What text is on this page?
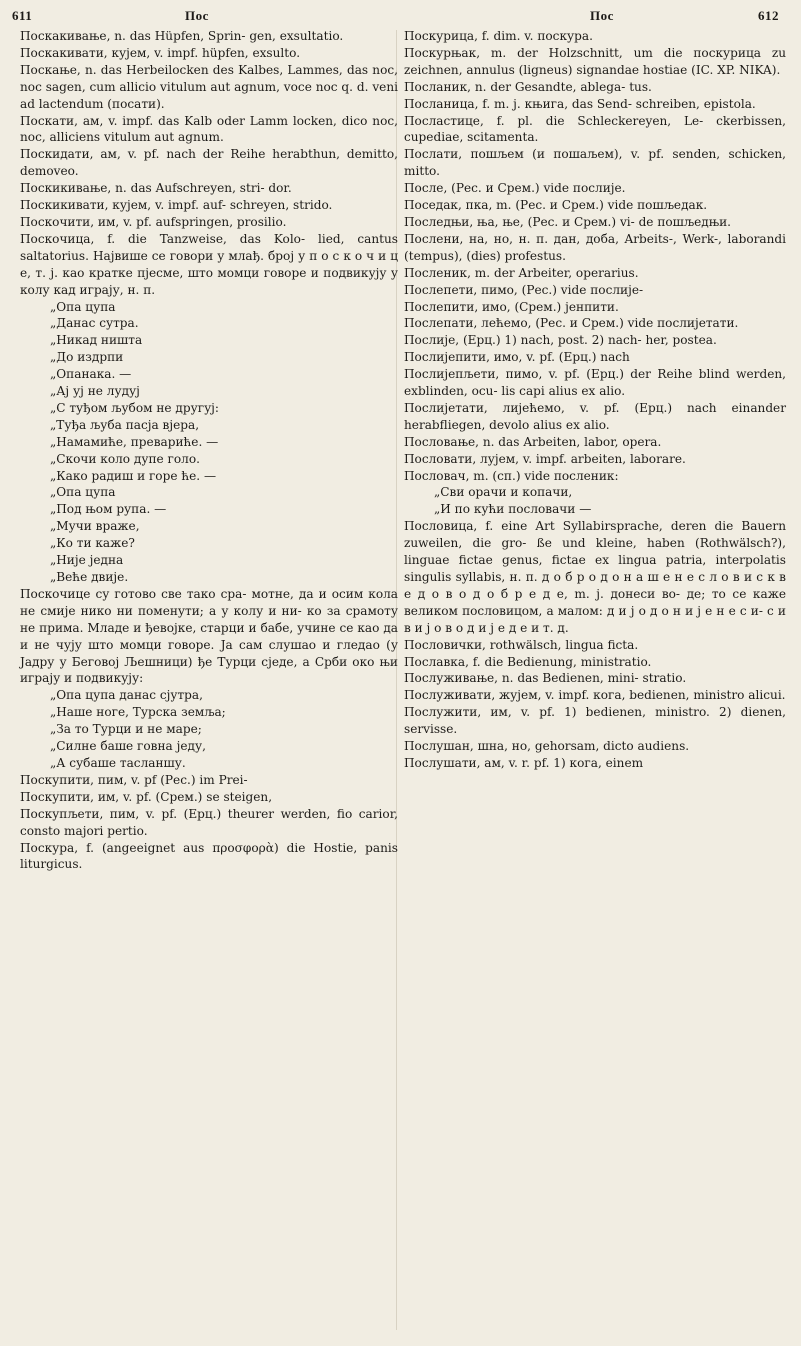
611	Пос	Пос	612

Поскакивање, n. das Hüpfen, Sprin- gen, exsultatio.

Поскакивати, кујем, v. impf. hüpfen, exsulto.

Поскање, n. das Herbeilocken des Kalbes, Lammes, das noc, noc sagen, cum allicio vitulum aut agnum, voce noc q. d. veni ad lactendum (посати).

Поскати, ам, v. impf. das Kalb oder Lamm locken, dico noc, noc, alliciens vitulum aut agnum.

Поскидати, ам, v. pf. nach der Reihe herabthun, demitto, demoveo.

Поскикивање, n. das Aufschreyen, stri- dor.

Поскикивати, кујем, v. impf. auf- schreyen, strido.

Поскочити, им, v. pf. aufspringen, prosilio.

Поскочица, f. die Tanzweise, das Kolo- lied, cantus saltatorius. Највише се говори у млађ. број у п о с к о ч и ц е, т. ј. као кратке пјесме, што момци говоре и подвикују у колу кад играју, н. п.

„Опа цупа

„Данас сутра.

„Никад ништа

„До издрпи

„Опанака. —

„Ај уј не лудуј

„С туђом љубом не другуј:

„Туђа љуба пасја вјера,

„Намамиће, превариће. —

„Скочи коло дупе голо.

„Како радиш и горе ће. —

„Опа цупа

„Под њом рупа. —

„Мучи враже,

„Ко ти каже?

„Није једна

„Веће двије.

Поскочице су готово све тако сра- мотне, да и осим кола не смије нико ни поменути; а у колу и ни- ко за срамоту не прима. Младе и ђевојке, старци и бабе, учине се као да и не чују што момци говоре. Ја сам слушао и гледао (у Јадру у Беговој Љешници) ђе Турци сједе, а Срби око њи играју и подвикују:

„Опа цупа данас сјутра,

„Наше ноге, Турска земља;

„За то Турци и не маре;

„Силне баше говна једу,

„А субаше тасланшу.

Поскупити, пим, v. pf (Рес.) im Prei-

Поскупити, им, v. pf. (Срем.) se steigen,

Поскупљети, пим, v. pf. (Ерц.) theurer werden, fio carior, consto majori pertio.

Поскура, f. (angeeignet aus προσφορὰ) die Hostie, panis liturgicus.

Поскурица, f. dim. v. поскура.

Поскурњак, m. der Holzschnitt, um die поскурица zu zeichnen, annulus (ligneus) signandae hostiae (IC. XP. NIKA).

Посланик, n. der Gesandte, ablega- tus.

Посланица, f. m. j. књига, das Send- schreiben, epistola.

Посластице, f. pl. die Schleckereyen, Le- ckerbissen, cupediae, scitamenta.

Послати, пошљем (и пошаљем), v. pf. senden, schicken, mitto.

После, (Рес. и Срем.) vide послије.

Поседак, пка, m. (Рес. и Срем.) vide пошљедак.

Последњи, ња, ње, (Рес. и Срем.) vi- de пошљедњи.

Послени, на, но, н. п. дан, доба, Arbeits-, Werk-, laborandi (tempus), (dies) profestus.

Посленик, m. der Arbeiter, operarius.

Послепети, пимо, (Рес.) vide послије-

Послепити, имо, (Срем.) јенпити.

Послепати, лећемо, (Рес. и Срем.) vide послијетати.

Послије, (Ерц.) 1) nach, post. 2) nach- her, postea.

Послијепити, имо, v. pf. (Ерц.) nach

Послијепљети, пимо, v. pf. (Ерц.) der Reihe blind werden, exblinden, ocu- lis capi alius ex alio.

Послијетати, лијећемо, v. pf. (Ерц.) nach einander herabfliegen, devolo alius ex alio.

Пословање, n. das Arbeiten, labor, opera.

Пословати, лујем, v. impf. arbeiten, laborare.

Пословач, m. (сп.) vide посленик:

„Сви орачи и копачи,

„И по кући пословачи —

Пословица, f. eine Art Syllabirsprache, deren die Bauern zuweilen, die gro- ße und kleine, haben (Rothwälsch?), linguae fictae genus, fictae ex lingua patria, interpolatis singulis syllabis, н. п. д о б р о д о н а ш е н е с л о в и с к в е д о в о д о б р е д е, m. ј. донеси во- де; то се каже великом пословицом, а малом: д и ј о д о н и ј е н е с и- с и в и ј о в о д и ј е д е и т. д.

Пословички, rothwälsch, lingua ficta.

Пославка, f. die Bedienung, ministratio.

Послуживање, n. das Bedienen, mini- stratio.

Послуживати, жујем, v. impf. кога, bedienen, ministro alicui.

Послужити, им, v. pf. 1) bedienen, ministro. 2) dienen, servisse.

Послушан, шна, но, gehorsam, dicto audiens.

Послушати, ам, v. r. pf. 1) кога, einem
